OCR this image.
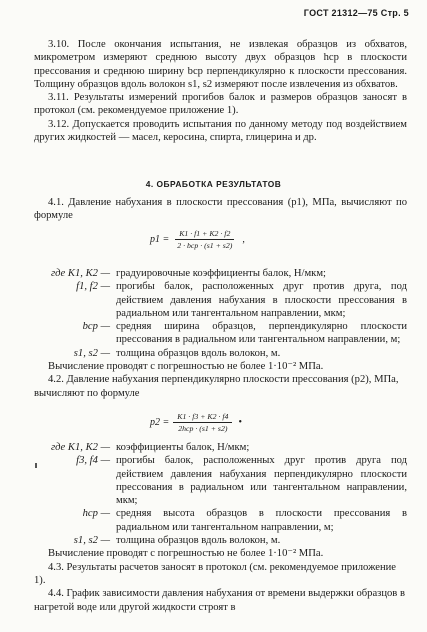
ГОСТ 21312—75 Стр. 5

3.10. После окончания испытания, не извлекая образцов из обхватов, микрометром измеряют среднюю высоту двух образцов hср в плоскости прессования и среднюю ширину bср перпендикулярно к плоскости прессования. Толщину образцов вдоль волокон s1, s2 измеряют после извлечения из обхватов.

3.11. Результаты измерений прогибов балок и размеров образцов заносят в протокол (см. рекомендуемое приложение 1).

3.12. Допускается проводить испытания по данному методу под воздействием других жидкостей — масел, керосина, спирта, глицерина и др.

4. ОБРАБОТКА РЕЗУЛЬТАТОВ

4.1. Давление набухания в плоскости прессования (p1), МПа, вычисляют по формуле

$p1 = \frac{K1 \cdot f1 + K2 \cdot f2}{\text{2 · bср · (s1 + s2)}}$ ,
где K1, K2 — градуировочные коэффициенты балок, Н/мкм;
f1, f2 — прогибы балок, расположенных друг против друга, под действием давления набухания в плоскости прессования в радиальном или тангентальном направлении, мкм;
bср — средняя ширина образцов, перпендикулярно плоскости прессования в радиальном или тангентальном направлении, м;
s1, s2 — толщина образцов вдоль волокон, м.

Вычисление проводят с погрешностью не более 1·10⁻² МПа.

4.2. Давление набухания перпендикулярно плоскости прессования (p2), МПа, вычисляют по формуле

$p2 = \frac{K1 \cdot f3 + K2 \cdot f4}{\text{2hср · (s1 + s2)}}$ •
где K1, K2 — коэффициенты балок, Н/мкм;
f3, f4 — прогибы балок, расположенных друг против друга под действием давления набухания перпендикулярно плоскости прессования в радиальном или тангентальном направлении, мкм;
hср — средняя высота образцов в плоскости прессования в радиальном или тангентальном направлении, м;
s1, s2 — толщина образцов вдоль волокон, м.

Вычисление проводят с погрешностью не более 1·10⁻² МПа.

4.3. Результаты расчетов заносят в протокол (см. рекомендуемое приложение 1).

4.4. График зависимости давления набухания от времени выдержки образцов в нагретой воде или другой жидкости строят в
